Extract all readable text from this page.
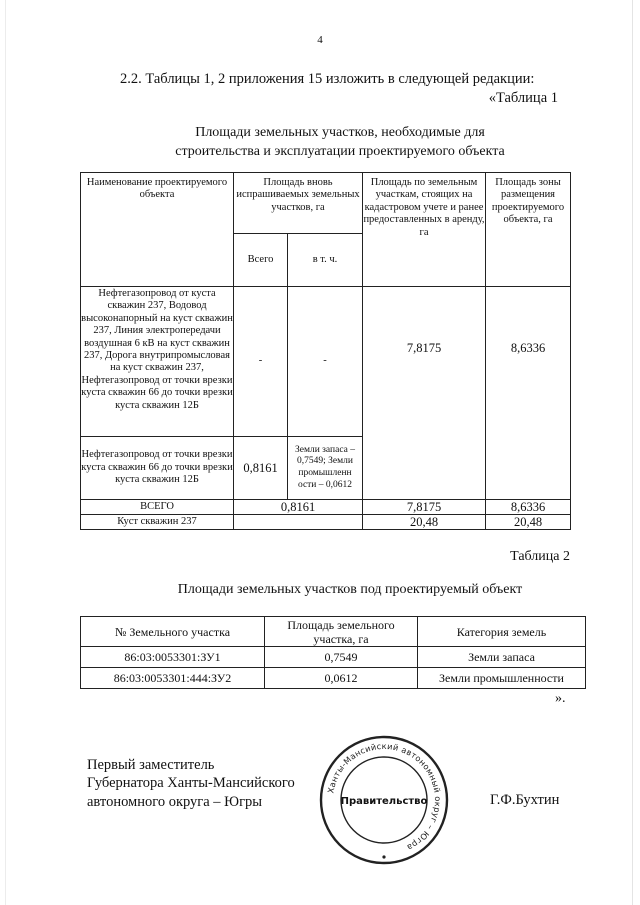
4
2.2. Таблицы 1, 2 приложения 15 изложить в следующей редакции:
«Таблица 1
Площади земельных участков, необходимые для
строительства и эксплуатации проектируемого объекта
Наименование проектируемого объекта	Площадь вновь испрашиваемых земельных участков, га		Площадь по земельным участкам, стоящих на кадастровом учете и ранее предоставленных в аренду, га	Площадь зоны размещения проектируемого объекта, га
	Всего	в т. ч.		
Нефтегазопровод от куста скважин 237, Водовод высоконапорный на куст скважин 237, Линия электропередачи воздушная 6 кВ на куст скважин 237, Дорога внутрипромысловая на куст скважин 237, Нефтегазопровод от точки врезки куста скважин 66 до точки врезки куста скважин 12Б	-	-	7,8175	8,6336
Нефтегазопровод от точки врезки куста скважин 66 до точки врезки куста скважин 12Б	0,8161	Земли запаса – 0,7549; Земли промышленн ости – 0,0612		
ВСЕГО	0,8161		7,8175	8,6336
Куст скважин 237			20,48	20,48
Таблица 2
Площади земельных участков под проектируемый объект
№ Земельного участка	Площадь земельного участка, га	Категория земель
86:03:0053301:ЗУ1	0,7549	Земли запаса
86:03:0053301:444:ЗУ2	0,0612	Земли промышленности
».
Первый заместитель
Губернатора Ханты-Мансийского
автономного округа – Югры
Ханты-Мансийский автономный округ – Югра
Правительство	Г.Ф.Бухтин
